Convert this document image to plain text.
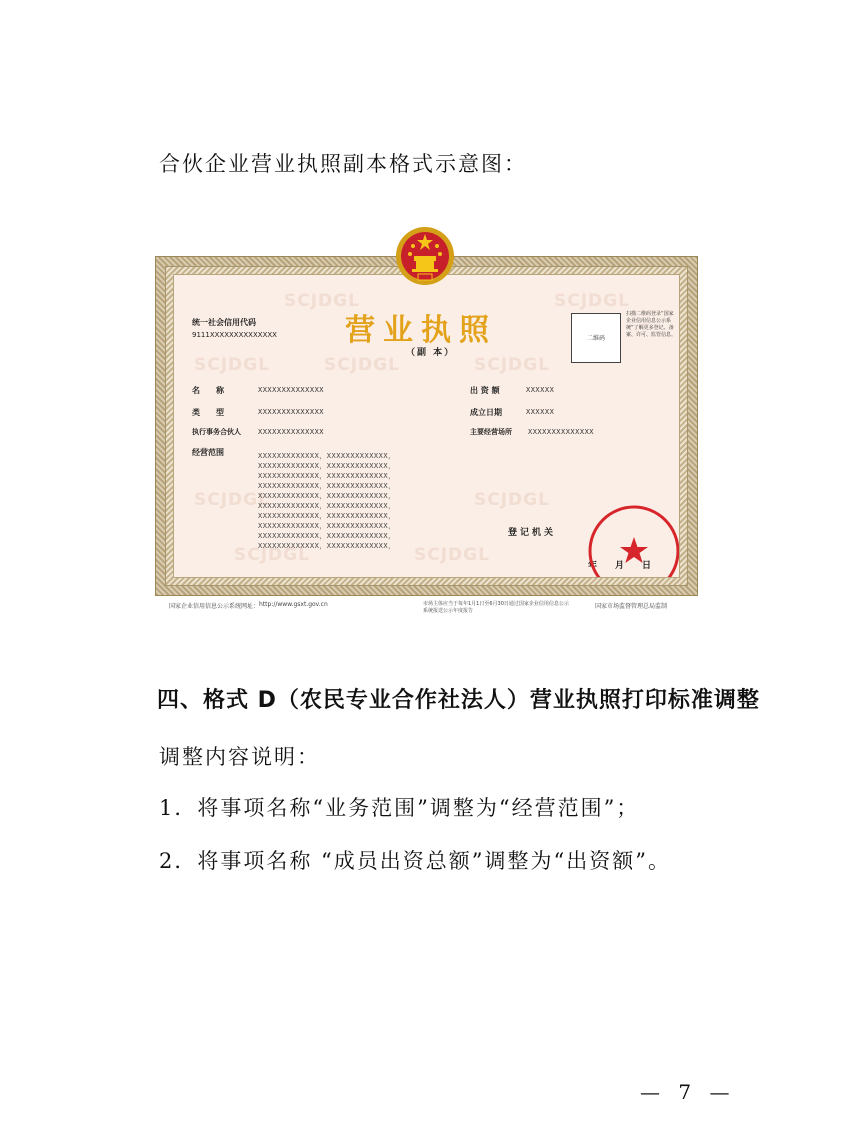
合伙企业营业执照副本格式示意图：
SCJDGL	SCJDGL	SCJDGL
SCJDGL
SCJDGL
SCJDGL	SCJDGL
SCJDGL	SCJDGL
统一社会信用代码
9111XXXXXXXXXXXXXX 营业执照
（副 本）
二维码
扫描二维码登录“国家企业信用信息公示系统”了解更多登记、备案、许可、监管信息。
名　　称	XXXXXXXXXXXXXX
类　　型	XXXXXXXXXXXXXX
执行事务合伙人 XXXXXXXXXXXXXX
经营范围
出 资 额	XXXXXX
成立日期	XXXXXX
主要经营场所 XXXXXXXXXXXXXX
XXXXXXXXXXXXX，XXXXXXXXXXXXX，
XXXXXXXXXXXXX，XXXXXXXXXXXXX，
XXXXXXXXXXXXX，XXXXXXXXXXXXX，
XXXXXXXXXXXXX，XXXXXXXXXXXXX，
XXXXXXXXXXXXX，XXXXXXXXXXXXX，
XXXXXXXXXXXXX，XXXXXXXXXXXXX，
XXXXXXXXXXXXX，XXXXXXXXXXXXX，
XXXXXXXXXXXXX，XXXXXXXXXXXXX，
XXXXXXXXXXXXX，XXXXXXXXXXXXX，
XXXXXXXXXXXXX，XXXXXXXXXXXXX，
登记机关
年　　月　　日
国家企业信用信息公示系统网址： http://www.gsxt.gov.cn	市场主体应当于每年1月1日至6月30日通过国家企业信用信息公示系统报送公示年度报告
国家市场监督管理总局监制
四、格式 D（农民专业合作社法人）营业执照打印标准调整
调整内容说明：
1．将事项名称“业务范围”调整为“经营范围”；
2．将事项名称 “成员出资总额”调整为“出资额”。
— 7 —
